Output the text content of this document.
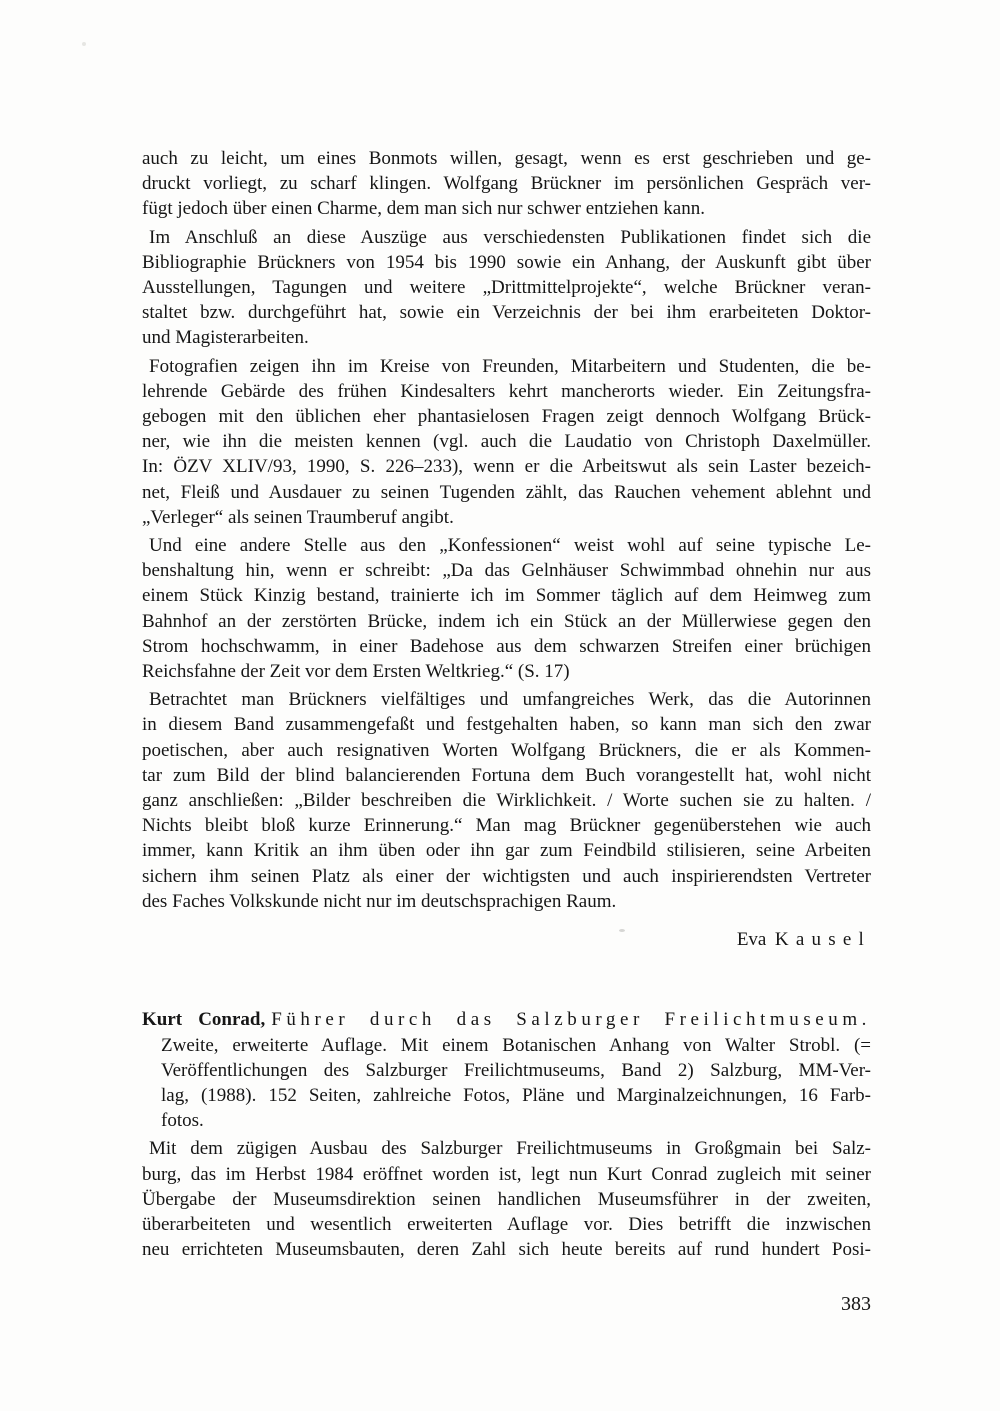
auch zu leicht, um eines Bonmots willen, gesagt, wenn es erst geschrieben und ge-
druckt vorliegt, zu scharf klingen. Wolfgang Brückner im persönlichen Gespräch ver-
fügt jedoch über einen Charme, dem man sich nur schwer entziehen kann.
Im Anschluß an diese Auszüge aus verschiedensten Publikationen findet sich die
Bibliographie Brückners von 1954 bis 1990 sowie ein Anhang, der Auskunft gibt über
Ausstellungen, Tagungen und weitere „Drittmittelprojekte“, welche Brückner veran-
staltet bzw. durchgeführt hat, sowie ein Verzeichnis der bei ihm erarbeiteten Doktor-
und Magisterarbeiten.
Fotografien zeigen ihn im Kreise von Freunden, Mitarbeitern und Studenten, die be-
lehrende Gebärde des frühen Kindesalters kehrt mancherorts wieder. Ein Zeitungsfra-
gebogen mit den üblichen eher phantasielosen Fragen zeigt dennoch Wolfgang Brück-
ner, wie ihn die meisten kennen (vgl. auch die Laudatio von Christoph Daxelmüller.
In: ÖZV XLIV/93, 1990, S. 226–233), wenn er die Arbeitswut als sein Laster bezeich-
net, Fleiß und Ausdauer zu seinen Tugenden zählt, das Rauchen vehement ablehnt und
„Verleger“ als seinen Traumberuf angibt.
Und eine andere Stelle aus den „Konfessionen“ weist wohl auf seine typische Le-
benshaltung hin, wenn er schreibt: „Da das Gelnhäuser Schwimmbad ohnehin nur aus
einem Stück Kinzig bestand, trainierte ich im Sommer täglich auf dem Heimweg zum
Bahnhof an der zerstörten Brücke, indem ich ein Stück an der Müllerwiese gegen den
Strom hochschwamm, in einer Badehose aus dem schwarzen Streifen einer brüchigen
Reichsfahne der Zeit vor dem Ersten Weltkrieg.“ (S. 17)
Betrachtet man Brückners vielfältiges und umfangreiches Werk, das die Autorinnen
in diesem Band zusammengefaßt und festgehalten haben, so kann man sich den zwar
poetischen, aber auch resignativen Worten Wolfgang Brückners, die er als Kommen-
tar zum Bild der blind balancierenden Fortuna dem Buch vorangestellt hat, wohl nicht
ganz anschließen: „Bilder beschreiben die Wirklichkeit. / Worte suchen sie zu halten. /
Nichts bleibt bloß kurze Erinnerung.“ Man mag Brückner gegenüberstehen wie auch
immer, kann Kritik an ihm üben oder ihn gar zum Feindbild stilisieren, seine Arbeiten
sichern ihm seinen Platz als einer der wichtigsten und auch inspirierendsten Vertreter
des Faches Volkskunde nicht nur im deutschsprachigen Raum.
Eva Kausel
Kurt Conrad, Führer durch das Salzburger Freilichtmuseum.
Zweite, erweiterte Auflage. Mit einem Botanischen Anhang von Walter Strobl. (=
Veröffentlichungen des Salzburger Freilichtmuseums, Band 2) Salzburg, MM-Ver-
lag, (1988). 152 Seiten, zahlreiche Fotos, Pläne und Marginalzeichnungen, 16 Farb-
fotos.
Mit dem zügigen Ausbau des Salzburger Freilichtmuseums in Großgmain bei Salz-
burg, das im Herbst 1984 eröffnet worden ist, legt nun Kurt Conrad zugleich mit seiner
Übergabe der Museumsdirektion seinen handlichen Museumsführer in der zweiten,
überarbeiteten und wesentlich erweiterten Auflage vor. Dies betrifft die inzwischen
neu errichteten Museumsbauten, deren Zahl sich heute bereits auf rund hundert Posi-
383
